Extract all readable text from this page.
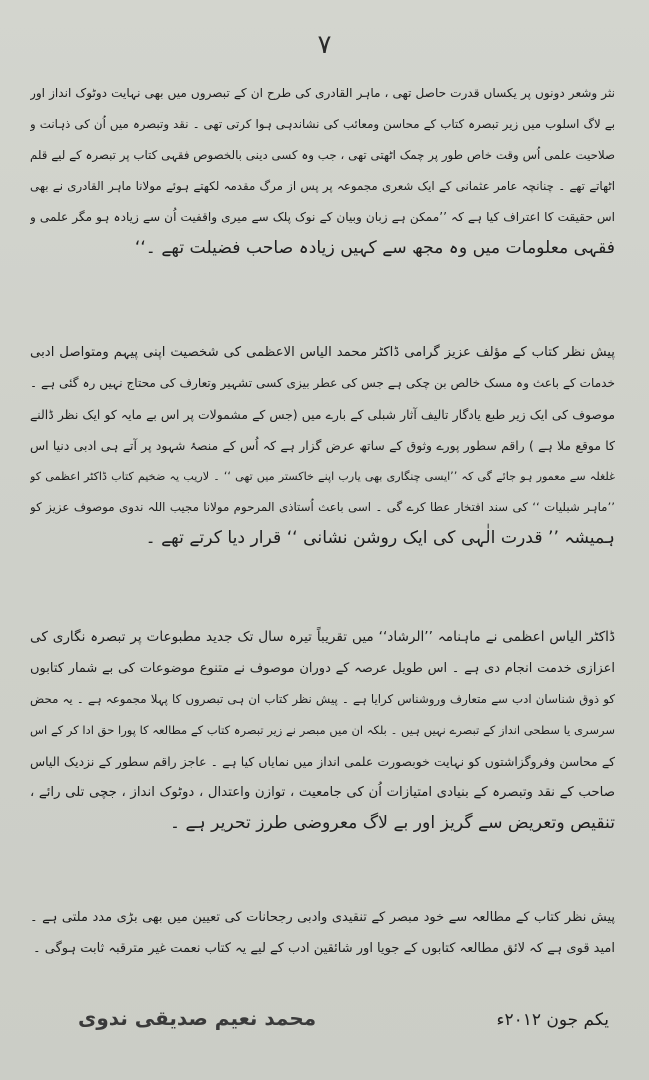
۷
نثر وشعر دونوں پر یکساں قدرت حاصل تھی ، ماہر القادری کی طرح ان کے تبصروں میں بھی نہایت دوٹوک انداز اور
بے لاگ اسلوب میں زیر تبصرہ کتاب کے محاسن ومعائب کی نشاندہی ہوا کرتی تھی ۔ نقد وتبصرہ میں اُن کی ذہانت و
صلاحیت علمی اُس وقت خاص طور پر چمک اٹھتی تھی ، جب وہ کسی دینی بالخصوص فقہی کتاب پر تبصرہ کے لیے قلم
اٹھاتے تھے ۔ چنانچہ عامر عثمانی کے ایک شعری مجموعہ پر پس از مرگ مقدمہ لکھتے ہوئے مولانا ماہر القادری نے بھی
اس حقیقت کا اعتراف کیا ہے کہ ’’ممکن ہے زبان وبیان کے نوک پلک سے میری واقفیت اُن سے زیادہ ہو مگر علمی و
فقہی معلومات میں وہ مجھ سے کہیں زیادہ صاحب فضیلت تھے ۔‘‘
پیش نظر کتاب کے مؤلف عزیز گرامی ڈاکٹر محمد الیاس الاعظمی کی شخصیت اپنی پیہم ومتواصل ادبی
خدمات کے باعث وہ مسک خالص بن چکی ہے جس کی عطر بیزی کسی تشہیر وتعارف کی محتاج نہیں رہ گئی ہے ۔
موصوف کی ایک زیر طبع یادگار تالیف آثار شبلی کے بارے میں (جس کے مشمولات پر اس بے مایہ کو ایک نظر ڈالنے
کا موقع ملا ہے ) راقم سطور پورے وثوق کے ساتھ عرض گزار ہے کہ اُس کے منصۂ شہود پر آتے ہی ادبی دنیا اس
غلغلہ سے معمور ہو جائے گی کہ ’’ایسی چنگاری بھی یارب اپنے خاکستر میں تھی ‘‘ ۔ لاریب یہ ضخیم کتاب ڈاکٹر اعظمی کو
’’ماہر شبلیات ‘‘ کی سند افتخار عطا کرے گی ۔ اسی باعث اُستاذی المرحوم مولانا مجیب اللہ ندوی موصوف عزیز کو
ہمیشہ ’’ قدرت الٰہی کی ایک روشن نشانی ‘‘ قرار دیا کرتے تھے ۔
ڈاکٹر الیاس اعظمی نے ماہنامہ ’’الرشاد‘‘ میں تقریباً تیرہ سال تک جدید مطبوعات پر تبصرہ نگاری کی
اعزازی خدمت انجام دی ہے ۔ اس طویل عرصہ کے دوران موصوف نے متنوع موضوعات کی بے شمار کتابوں
کو ذوق شناسان ادب سے متعارف وروشناس کرایا ہے ۔ پیش نظر کتاب ان ہی تبصروں کا پہلا مجموعہ ہے ۔ یہ محض
سرسری یا سطحی انداز کے تبصرے نہیں ہیں ۔ بلکہ ان میں مبصر نے زیر تبصرہ کتاب کے مطالعہ کا پورا حق ادا کر کے اس
کے محاسن وفروگزاشتوں کو نہایت خوبصورت علمی انداز میں نمایاں کیا ہے ۔ عاجز راقم سطور کے نزدیک الیاس
صاحب کے نقد وتبصرہ کے بنیادی امتیازات اُن کی جامعیت ، توازن واعتدال ، دوٹوک انداز ، جچی تلی رائے ،
تنقیص وتعریض سے گریز اور بے لاگ معروضی طرز تحریر ہے ۔
پیش نظر کتاب کے مطالعہ سے خود مبصر کے تنقیدی وادبی رجحانات کی تعیین میں بھی بڑی مدد ملتی ہے ۔
امید قوی ہے کہ لائق مطالعہ کتابوں کے جویا اور شائقین ادب کے لیے یہ کتاب نعمت غیر مترقبہ ثابت ہوگی ۔
یکم جون ۲۰۱۲ء
محمد نعیم صدیقی ندوی
